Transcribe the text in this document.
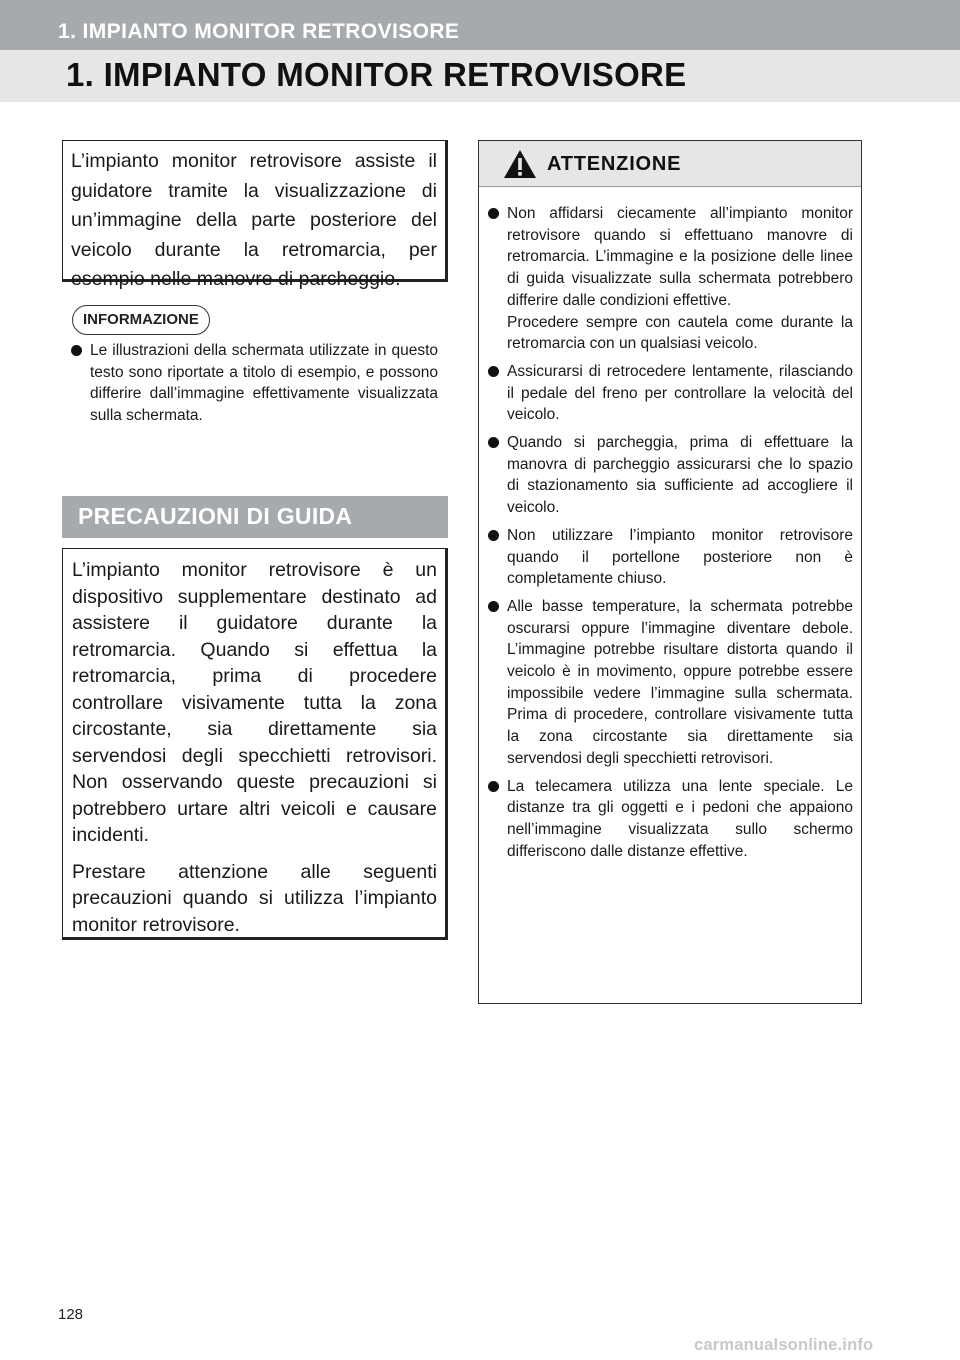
1. IMPIANTO MONITOR RETROVISORE
1. IMPIANTO MONITOR RETROVISORE

L’impianto monitor retrovisore assiste il guidatore tramite la visualizzazione di un’immagine della parte posteriore del veicolo durante la retromarcia, per esempio nelle manovre di parcheggio.

INFORMAZIONE
Le illustrazioni della schermata utilizzate in questo testo sono riportate a titolo di esempio, e possono differire dall’immagine effettivamente visualizzata sulla schermata.
PRECAUZIONI DI GUIDA

L’impianto monitor retrovisore è un dispositivo supplementare destinato ad assistere il guidatore durante la retromarcia. Quando si effettua la retromarcia, prima di procedere controllare visivamente tutta la zona circostante, sia direttamente sia servendosi degli specchietti retrovisori. Non osservando queste precauzioni si potrebbero urtare altri veicoli e causare incidenti.

Prestare attenzione alle seguenti precauzioni quando si utilizza l’impianto monitor retrovisore.

ATTENZIONE
Non affidarsi ciecamente all’impianto monitor retrovisore quando si effettuano manovre di retromarcia. L’immagine e la posizione delle linee di guida visualizzate sulla schermata potrebbero differire dalle condizioni effettive.
Procedere sempre con cautela come durante la retromarcia con un qualsiasi veicolo.
Assicurarsi di retrocedere lentamente, rilasciando il pedale del freno per controllare la velocità del veicolo.
Quando si parcheggia, prima di effettuare la manovra di parcheggio assicurarsi che lo spazio di stazionamento sia sufficiente ad accogliere il veicolo.
Non utilizzare l’impianto monitor retrovisore quando il portellone posteriore non è completamente chiuso.
Alle basse temperature, la schermata potrebbe oscurarsi oppure l’immagine diventare debole. L’immagine potrebbe risultare distorta quando il veicolo è in movimento, oppure potrebbe essere impossibile vedere l’immagine sulla schermata. Prima di procedere, controllare visivamente tutta la zona circostante sia direttamente sia servendosi degli specchietti retrovisori.
La telecamera utilizza una lente speciale. Le distanze tra gli oggetti e i pedoni che appaiono nell’immagine visualizzata sullo schermo differiscono dalle distanze effettive.
128
carmanualsonline.info
